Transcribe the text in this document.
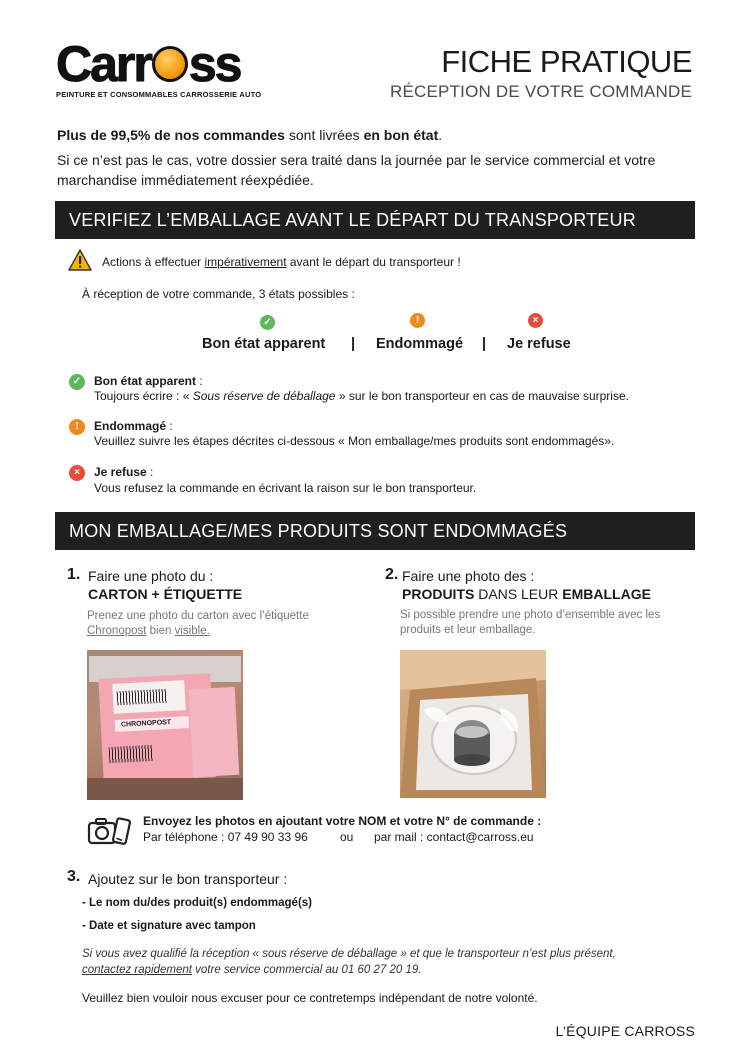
Carr ss
PEINTURE ET CONSOMMABLES CARROSSERIE AUTO
FICHE PRATIQUE
RÉCEPTION DE VOTRE COMMANDE
Plus de 99,5% de nos commandes sont livrées en bon état.
Si ce n’est pas le cas, votre dossier sera traité dans la journée par le service commercial et votre marchandise immédiatement réexpédiée.
VERIFIEZ L’EMBALLAGE AVANT LE DÉPART DU TRANSPORTEUR
Actions à effectuer impérativement avant le départ du transporteur !
À réception de votre commande, 3 états possibles :
✓	!	×
Bon état apparent | Endommagé | Je refuse
✓	Bon état apparent :
Toujours écrire : « Sous réserve de déballage » sur le bon transporteur en cas de mauvaise surprise.
!	Endommagé :
Veuillez suivre les étapes décrites ci-dessous « Mon emballage/mes produits sont endommagés».
×	Je refuse :
Vous refusez la commande en écrivant la raison sur le bon transporteur.
MON EMBALLAGE/MES PRODUITS SONT ENDOMMAGÉS
1. Faire une photo du :
CARTON + ÉTIQUETTE
Prenez une photo du carton avec l’étiquette
Chronopost bien visible.
2. Faire une photo des :
PRODUITS DANS LEUR EMBALLAGE
Si possible prendre une photo d’ensemble avec les
produits et leur emballage.
CHRONOPOST
Envoyez les photos en ajoutant votre NOM et votre N° de commande :
Par téléphone : 07 49 90 33 96	ou par mail : contact@carross.eu
3. Ajoutez sur le bon transporteur :
- Le nom du/des produit(s) endommagé(s)
- Date et signature avec tampon
Si vous avez qualifié la réception « sous réserve de déballage » et que le transporteur n’est plus présent,
contactez rapidement votre service commercial au 01 60 27 20 19.
Veuillez bien vouloir nous excuser pour ce contretemps indépendant de notre volonté.
L’ÉQUIPE CARROSS
